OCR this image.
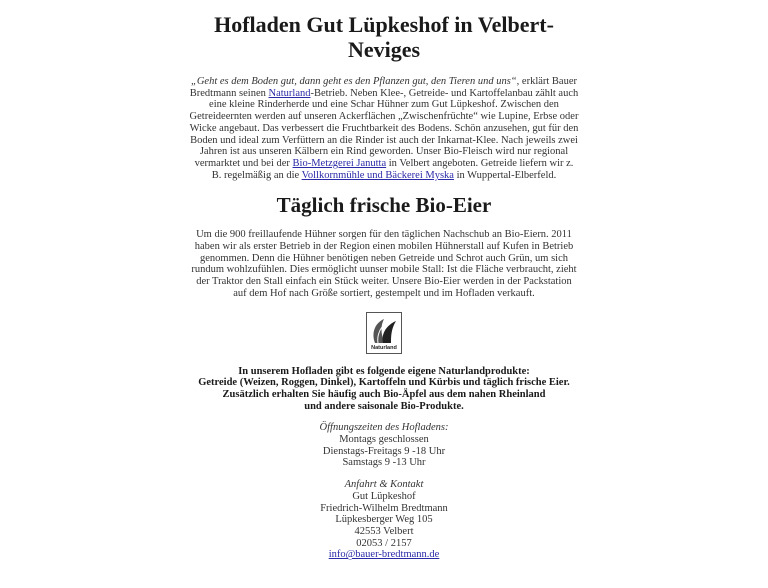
Hofladen Gut Lüpkeshof in Velbert-Neviges

„Geht es dem Boden gut, dann geht es den Pflanzen gut, den Tieren und uns“, erklärt Bauer Bredtmann seinen Naturland-Betrieb. Neben Klee-, Getreide- und Kartoffelanbau zählt auch eine kleine Rinderherde und eine Schar Hühner zum Gut Lüpkeshof. Zwischen den Getreideernten werden auf unseren Ackerflächen „Zwischenfrüchte“ wie Lupine, Erbse oder Wicke angebaut. Das verbessert die Fruchtbarkeit des Bodens. Schön anzusehen, gut für den Boden und ideal zum Verfüttern an die Rinder ist auch der Inkarnat-Klee. Nach jeweils zwei Jahren ist aus unseren Kälbern ein Rind geworden. Unser Bio-Fleisch wird nur regional vermarktet und bei der Bio-Metzgerei Janutta in Velbert angeboten. Getreide liefern wir z. B. regelmäßig an die Vollkornmühle und Bäckerei Myska in Wuppertal-Elberfeld.

Täglich frische Bio-Eier

Um die 900 freillaufende Hühner sorgen für den täglichen Nachschub an Bio-Eiern. 2011 haben wir als erster Betrieb in der Region einen mobilen Hühnerstall auf Kufen in Betrieb genommen. Denn die Hühner benötigen neben Getreide und Schrot auch Grün, um sich rundum wohlzufühlen. Dies ermöglicht uunser mobile Stall: Ist die Fläche verbraucht, zieht der Traktor den Stall einfach ein Stück weiter. Unsere Bio-Eier werden in der Packstation auf dem Hof nach Größe sortiert, gestempelt und im Hofladen verkauft.

Naturland
In unserem Hofladen gibt es folgende eigene Naturlandprodukte:
Getreide (Weizen, Roggen, Dinkel), Kartoffeln und Kürbis und täglich frische Eier.
Zusätzlich erhalten Sie häufig auch Bio-Äpfel aus dem nahen Rheinland
und andere saisonale Bio-Produkte.
Öffnungszeiten des Hofladens:
Montags geschlossen
Dienstags-Freitags 9 -18 Uhr
Samstags 9 -13 Uhr
Anfahrt & Kontakt
Gut Lüpkeshof
Friedrich-Wilhelm Bredtmann
Lüpkesberger Weg 105
42553 Velbert
02053 / 2157
info@bauer-bredtmann.de
